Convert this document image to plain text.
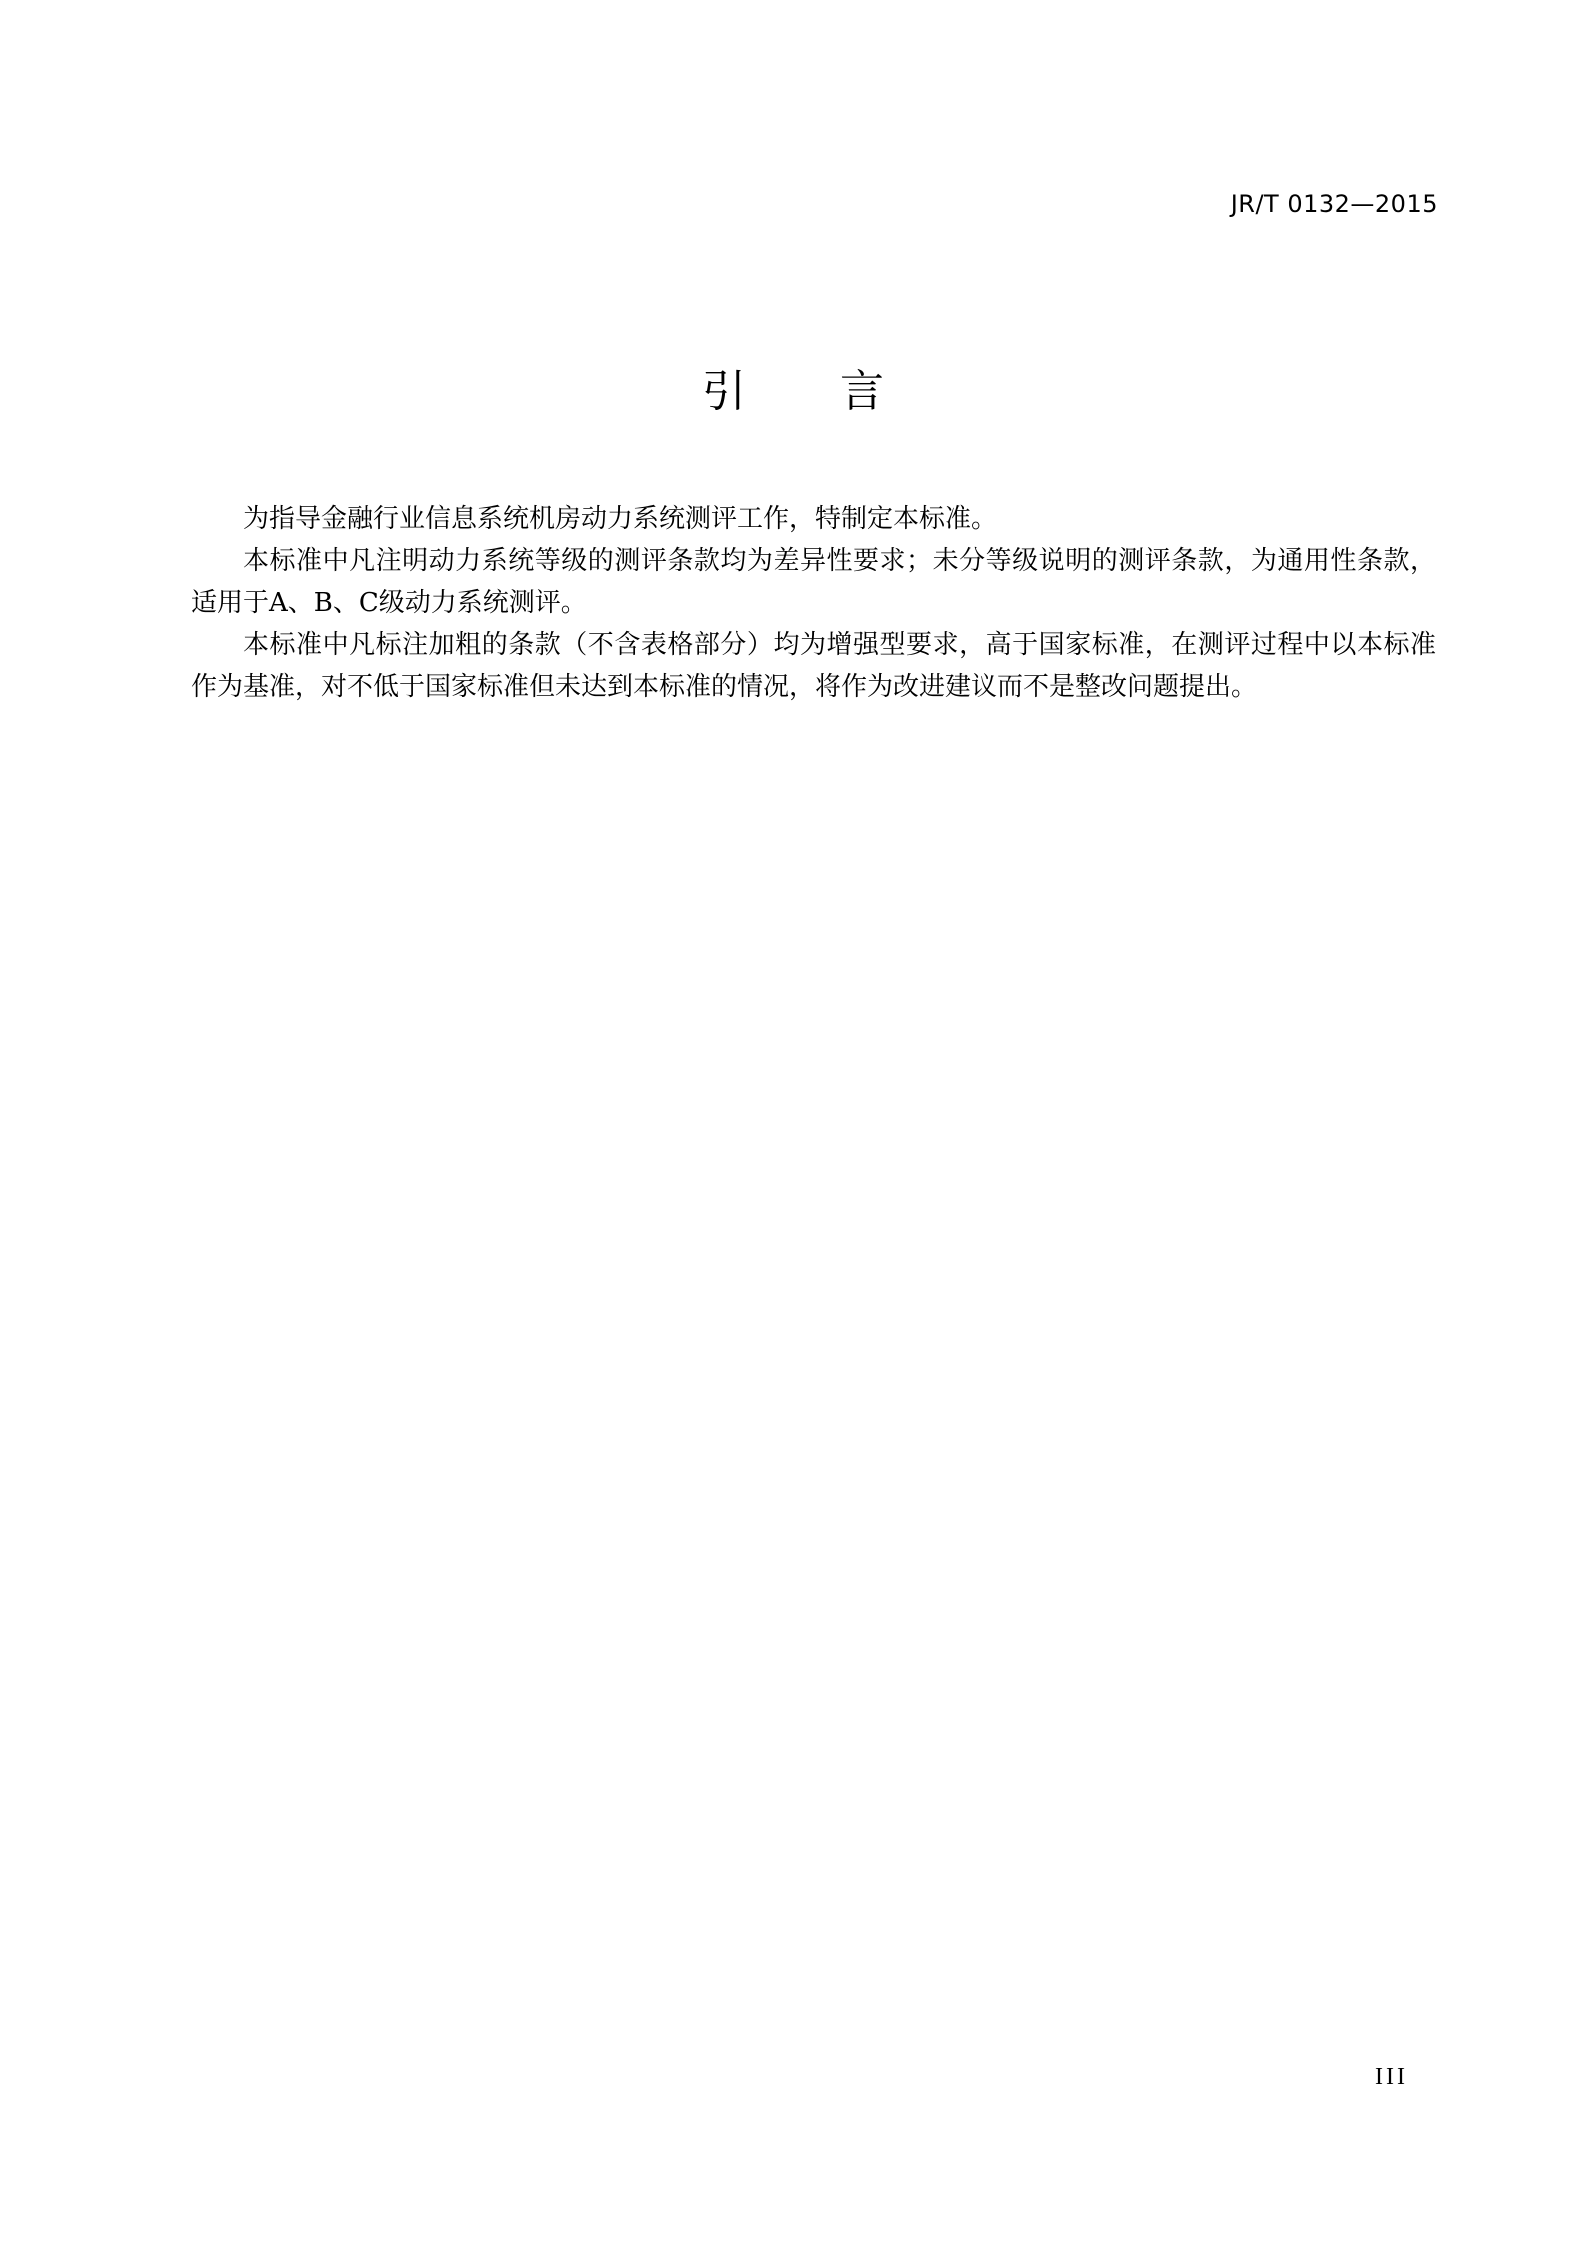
JR/T 0132—2015
引言

为指导金融行业信息系统机房动力系统测评工作，特制定本标准。

本标准中凡注明动力系统等级的测评条款均为差异性要求；未分等级说明的测评条款，为通用性条款，适用于A、B、C级动力系统测评。

本标准中凡标注加粗的条款（不含表格部分）均为增强型要求，高于国家标准，在测评过程中以本标准作为基准，对不低于国家标准但未达到本标准的情况，将作为改进建议而不是整改问题提出。

III
